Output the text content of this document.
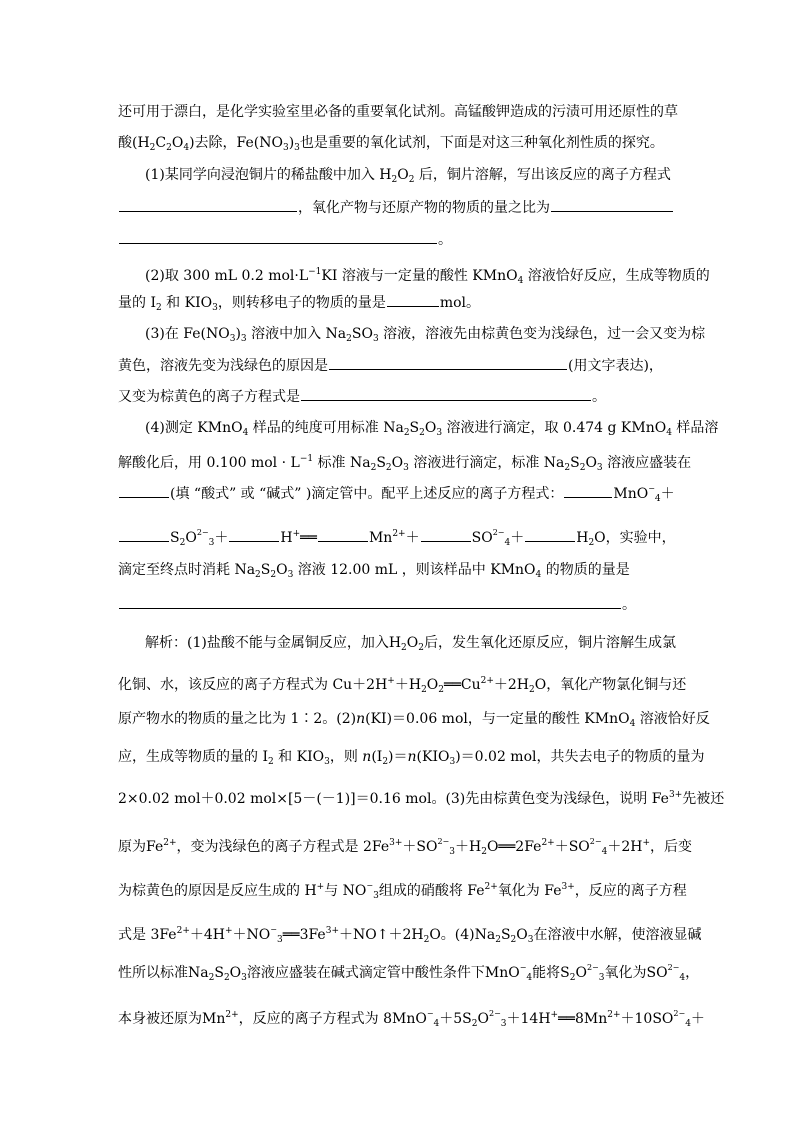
还可用于漂白，是化学实验室里必备的重要氧化试剂。高锰酸钾造成的污渍可用还原性的草
酸$(H_2C_2O_4)$去除，$Fe(NO_3)_3$也是重要的氧化试剂，下面是对这三种氧化剂性质的探究。
(1)某同学向浸泡铜片的稀盐酸中加入 $H_2O_2$ 后，铜片溶解，写出该反应的离子方程式
，氧化产物与还原产物的物质的量之比为
。
(2)取 300 mL 0.2 $mol\cdot L^{-1}KI$ 溶液与一定量的酸性 KMnO$_4$ 溶液恰好反应，生成等物质的
量的 $I_2$ 和 $KIO_3$，则转移电子的物质的量是	mol。
(3)在 $Fe(NO_3)_3$ 溶液中加入 $Na_2SO_3$ 溶液，溶液先由棕黄色变为浅绿色，过一会又变为棕
黄色，溶液先变为浅绿色的原因是	(用文字表达)，
又变为棕黄色的离子方程式是	。
(4)测定 KMnO$_4$ 样品的纯度可用标准 $Na_2S_2O_3$ 溶液进行滴定，取 0.474 g KMnO$_4$ 样品溶
解酸化后，用 0.100 mol · $L^{-1}$ 标准 $Na_2S_2O_3$ 溶液进行滴定，标准 $Na_2S_2O_3$ 溶液应盛装在
(填 “酸式” 或 “碱式” )滴定管中。配平上述反应的离子方程式：	MnO−$_4$＋
$S_2O^{2-}_3+$	H+══	$Mn^{2+}+$	$SO^{2-}_4+$	$H_2O$，实验中，
滴定至终点时消耗 $Na_2S_2O_3$ 溶液 12.00 mL ，则该样品中 KMnO$_4$ 的物质的量是
。
解析：(1)盐酸不能与金属铜反应，加入$H_2O_2$后，发生氧化还原反应，铜片溶解生成氯
化铜、水，该反应的离子方程式为 $Cu+2H^++H_2O_2══Cu^{2+}+2H_2O$，氧化产物氯化铜与还
原产物水的物质的量之比为 1∶2。(2)n(KI)＝0.06 mol，与一定量的酸性 KMnO$_4$ 溶液恰好反
应，生成等物质的量的 $I_2$ 和 $KIO_3$，则 $n(I_2)=n(KIO_3)=0.02$ mol，共失去电子的物质的量为
2×0.02 mol＋0.02 mol×[5－(－1)]＝0.16 mol。(3)先由棕黄色变为浅绿色，说明 $Fe^{3+}$先被还
原为$Fe^{2+}$，变为浅绿色的离子方程式是 $2Fe^{3+}+SO^{2-}_3+H_2O══2Fe^{2+}+SO^{2-}_4+2H^+$，后变
为棕黄色的原因是反应生成的 H+与 $NO^-_3$组成的硝酸将 $Fe^{2+}$氧化为 $Fe^{3+}$，反应的离子方程
式是 $3Fe^{2+}+4H^++NO^-_3══3Fe^{3+}+NO↑+2H_2O$。$(4)Na_2S_2O_3$在溶液中水解，使溶液显碱
性所以标准$Na_2S_2O_3$溶液应盛装在碱式滴定管中酸性条件下MnO−$_4$能将$S_2O^{2-}_3$氧化为$SO^{2-}_4$，
本身被还原为$Mn^{2+}$，反应的离子方程式为 $8MnO^-_4+5S_2O^{2-}_3+14H^+══8Mn^{2+}+10SO^{2-}_4+$
